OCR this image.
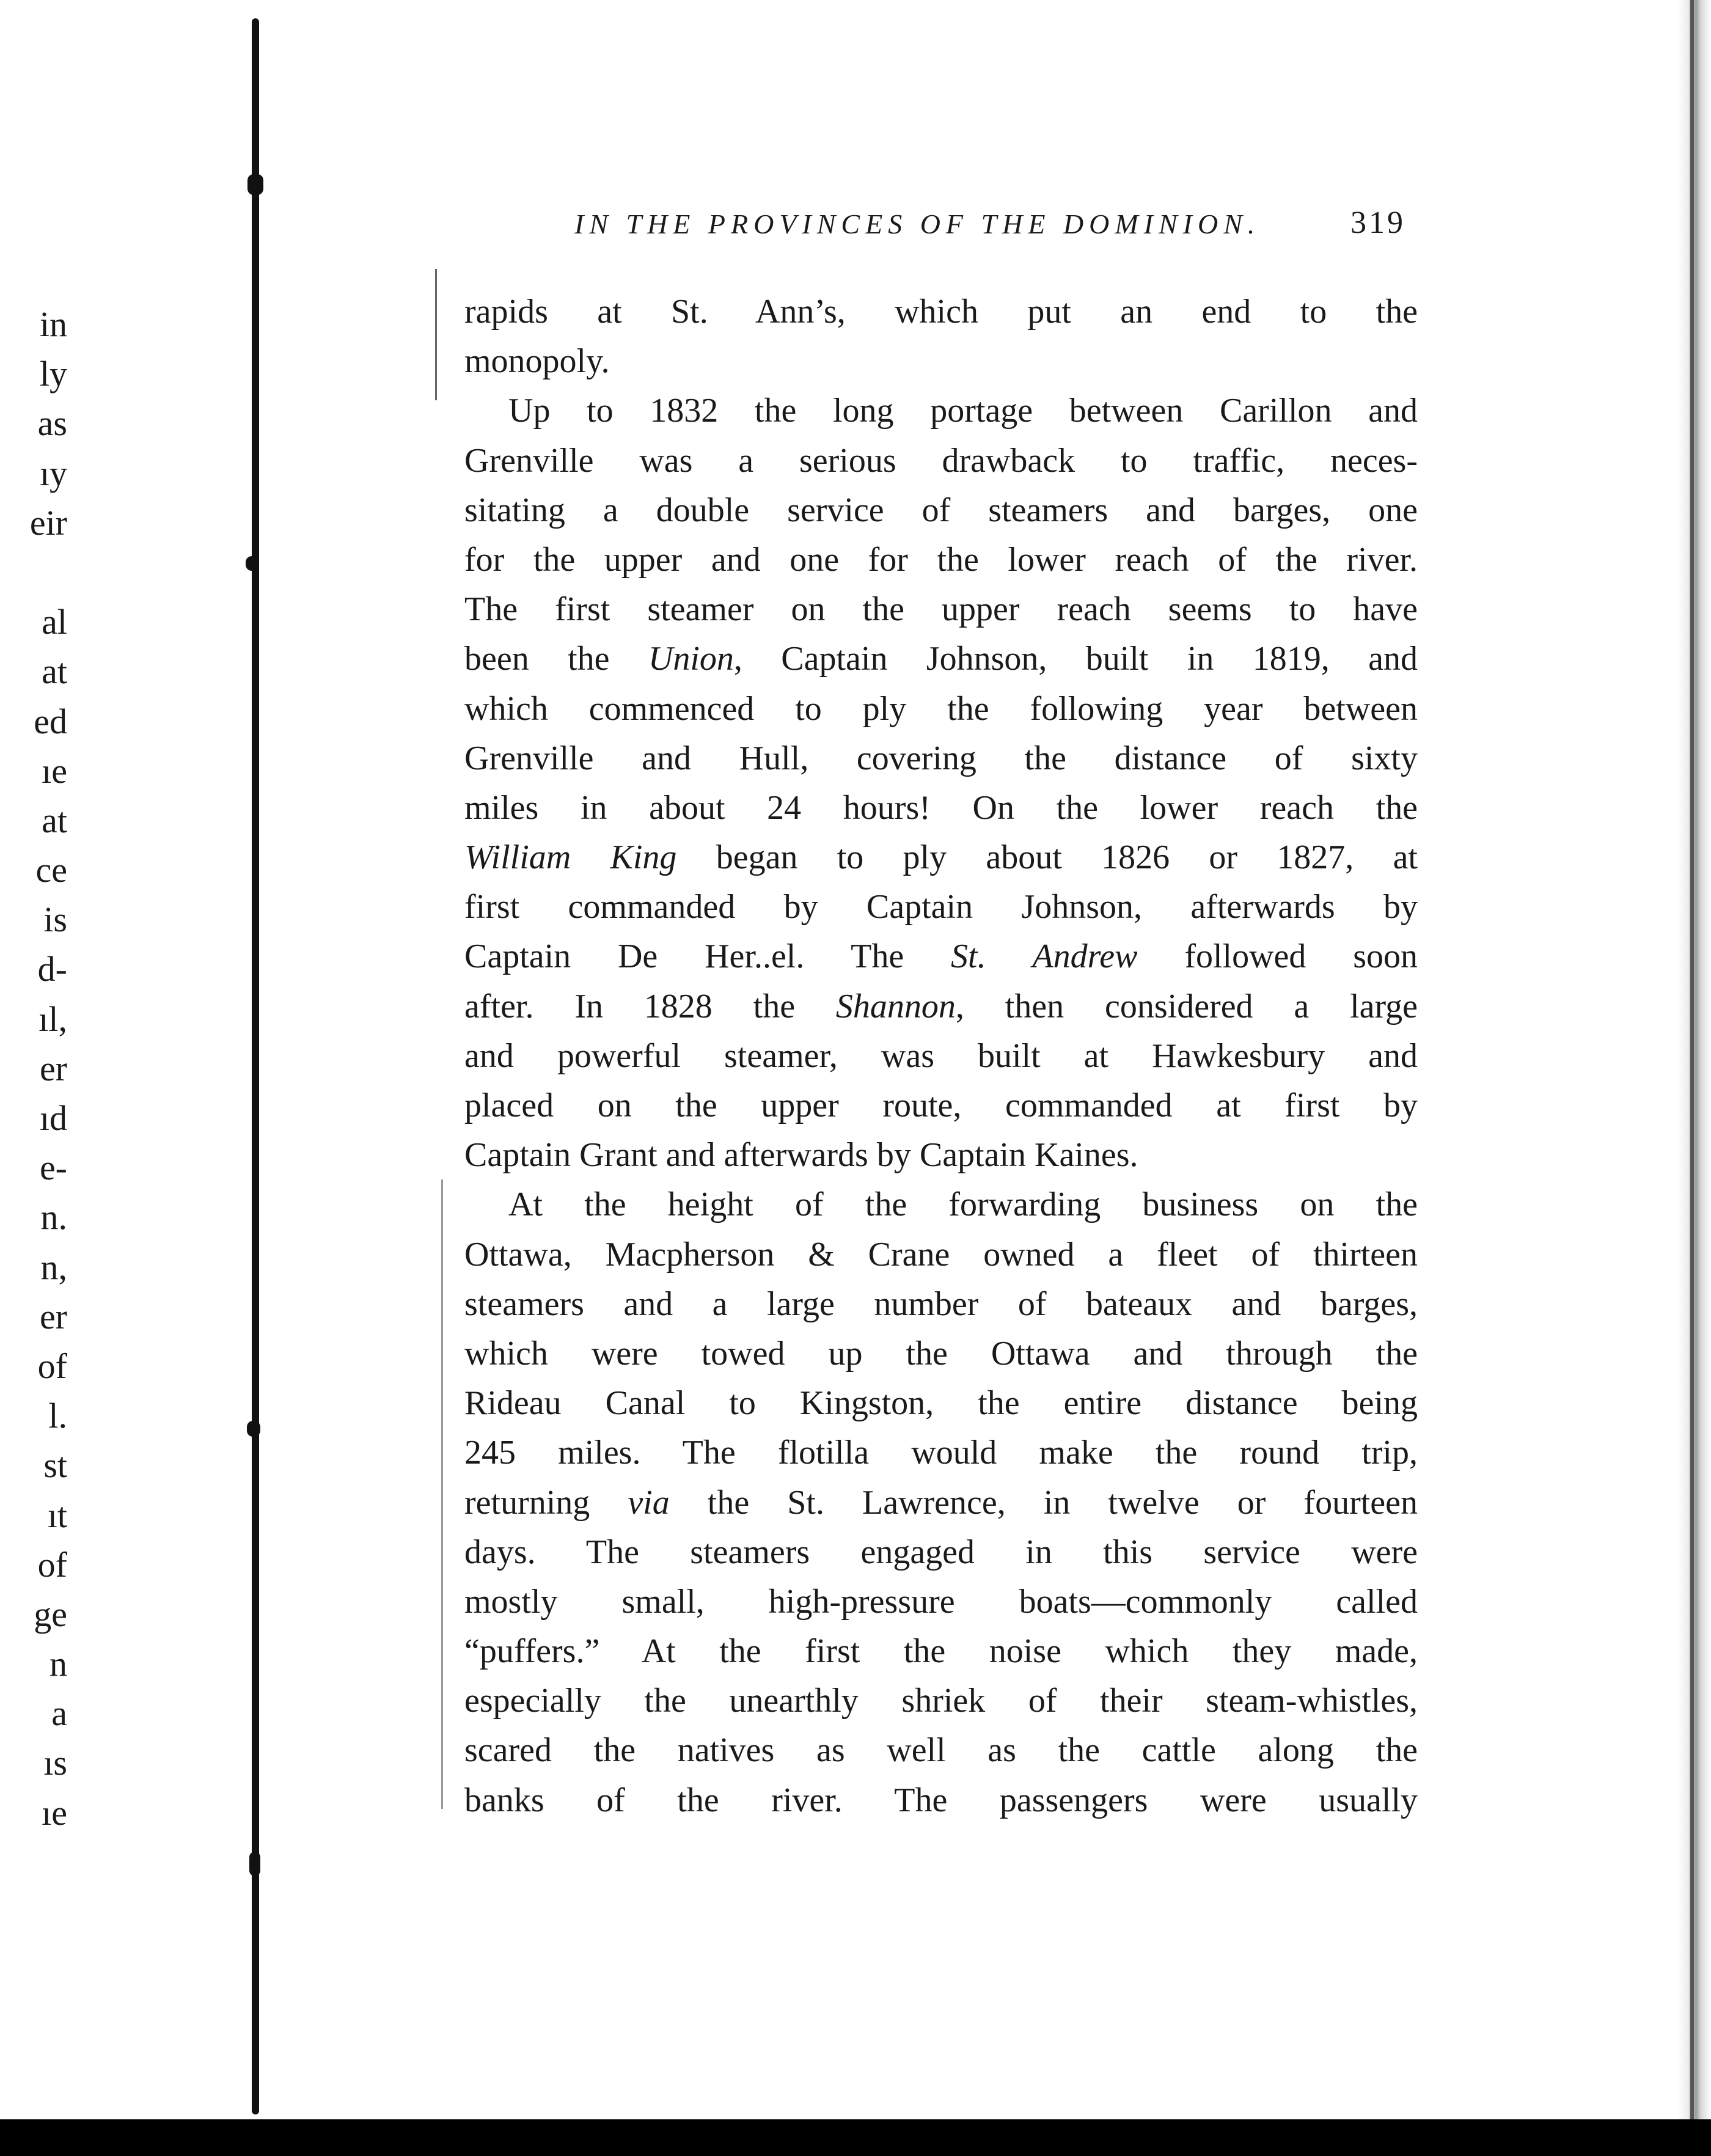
in
ly
as
ıy
eir
al
at
ed
ıe
at
ce
is
d-
ıl,
er
ıd
e-
n.
n,
er
of
l.
st
ıt
of
ge
n
a
ıs
ıe
IN THE PROVINCES OF THE DOMINION.	319
rapids at St. Ann’s, which put an end to the
monopoly.
Up to 1832 the long portage between Carillon and
Grenville was a serious drawback to traffic, neces-
sitating a double service of steamers and barges, one
for the upper and one for the lower reach of the river.
The first steamer on the upper reach seems to have
been the Union, Captain Johnson, built in 1819, and
which commenced to ply the following year between
Grenville and Hull, covering the distance of sixty
miles in about 24 hours! On the lower reach the
William King began to ply about 1826 or 1827, at
first commanded by Captain Johnson, afterwards by
Captain De Her..el. The St. Andrew followed soon
after. In 1828 the Shannon, then considered a large
and powerful steamer, was built at Hawkesbury and
placed on the upper route, commanded at first by
Captain Grant and afterwards by Captain Kaines.
At the height of the forwarding business on the
Ottawa, Macpherson & Crane owned a fleet of thirteen
steamers and a large number of bateaux and barges,
which were towed up the Ottawa and through the
Rideau Canal to Kingston, the entire distance being
245 miles. The flotilla would make the round trip,
returning via the St. Lawrence, in twelve or fourteen
days. The steamers engaged in this service were
mostly small, high-pressure boats—commonly called
“puffers.” At the first the noise which they made,
especially the unearthly shriek of their steam-whistles,
scared the natives as well as the cattle along the
banks of the river. The passengers were usually
